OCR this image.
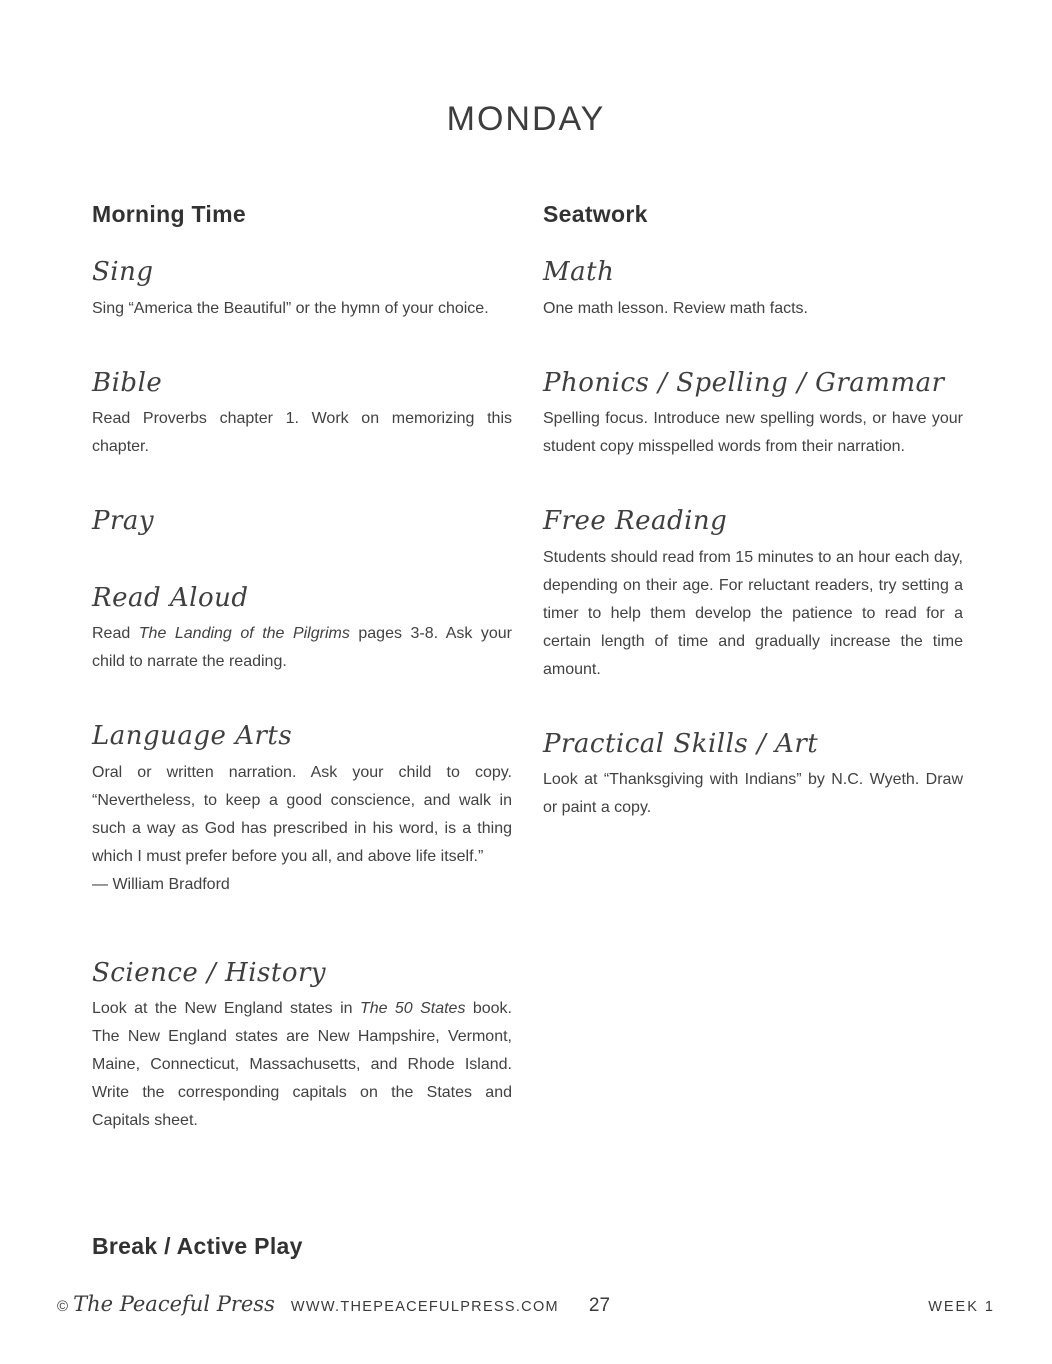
MONDAY
Morning Time
Sing

Sing “America the Beautiful” or the hymn of your choice.

Bible

Read Proverbs chapter 1. Work on memorizing this chapter.

Pray
Read Aloud

Read The Landing of the Pilgrims pages 3-8. Ask your child to narrate the reading.

Language Arts

Oral or written narration. Ask your child to copy. “Nevertheless, to keep a good conscience, and walk in such a way as God has prescribed in his word, is a thing which I must prefer before you all, and above life itself.”
— William Bradford

Science / History

Look at the New England states in The 50 States book. The New England states are New Hampshire, Vermont, Maine, Connecticut, Massachusetts, and Rhode Island. Write the corresponding capitals on the States and Capitals sheet.

Seatwork
Math

One math lesson. Review math facts.

Phonics / Spelling / Grammar

Spelling focus. Introduce new spelling words, or have your student copy misspelled words from their narration.

Free Reading

Students should read from 15 minutes to an hour each day, depending on their age. For reluctant readers, try setting a timer to help them develop the patience to read for a certain length of time and gradually increase the time amount.

Practical Skills / Art

Look at “Thanksgiving with Indians” by N.C. Wyeth. Draw or paint a copy.

Break / Active Play
© The Peaceful Press WWW.THEPEACEFULPRESS.COM 27	WEEK 1
